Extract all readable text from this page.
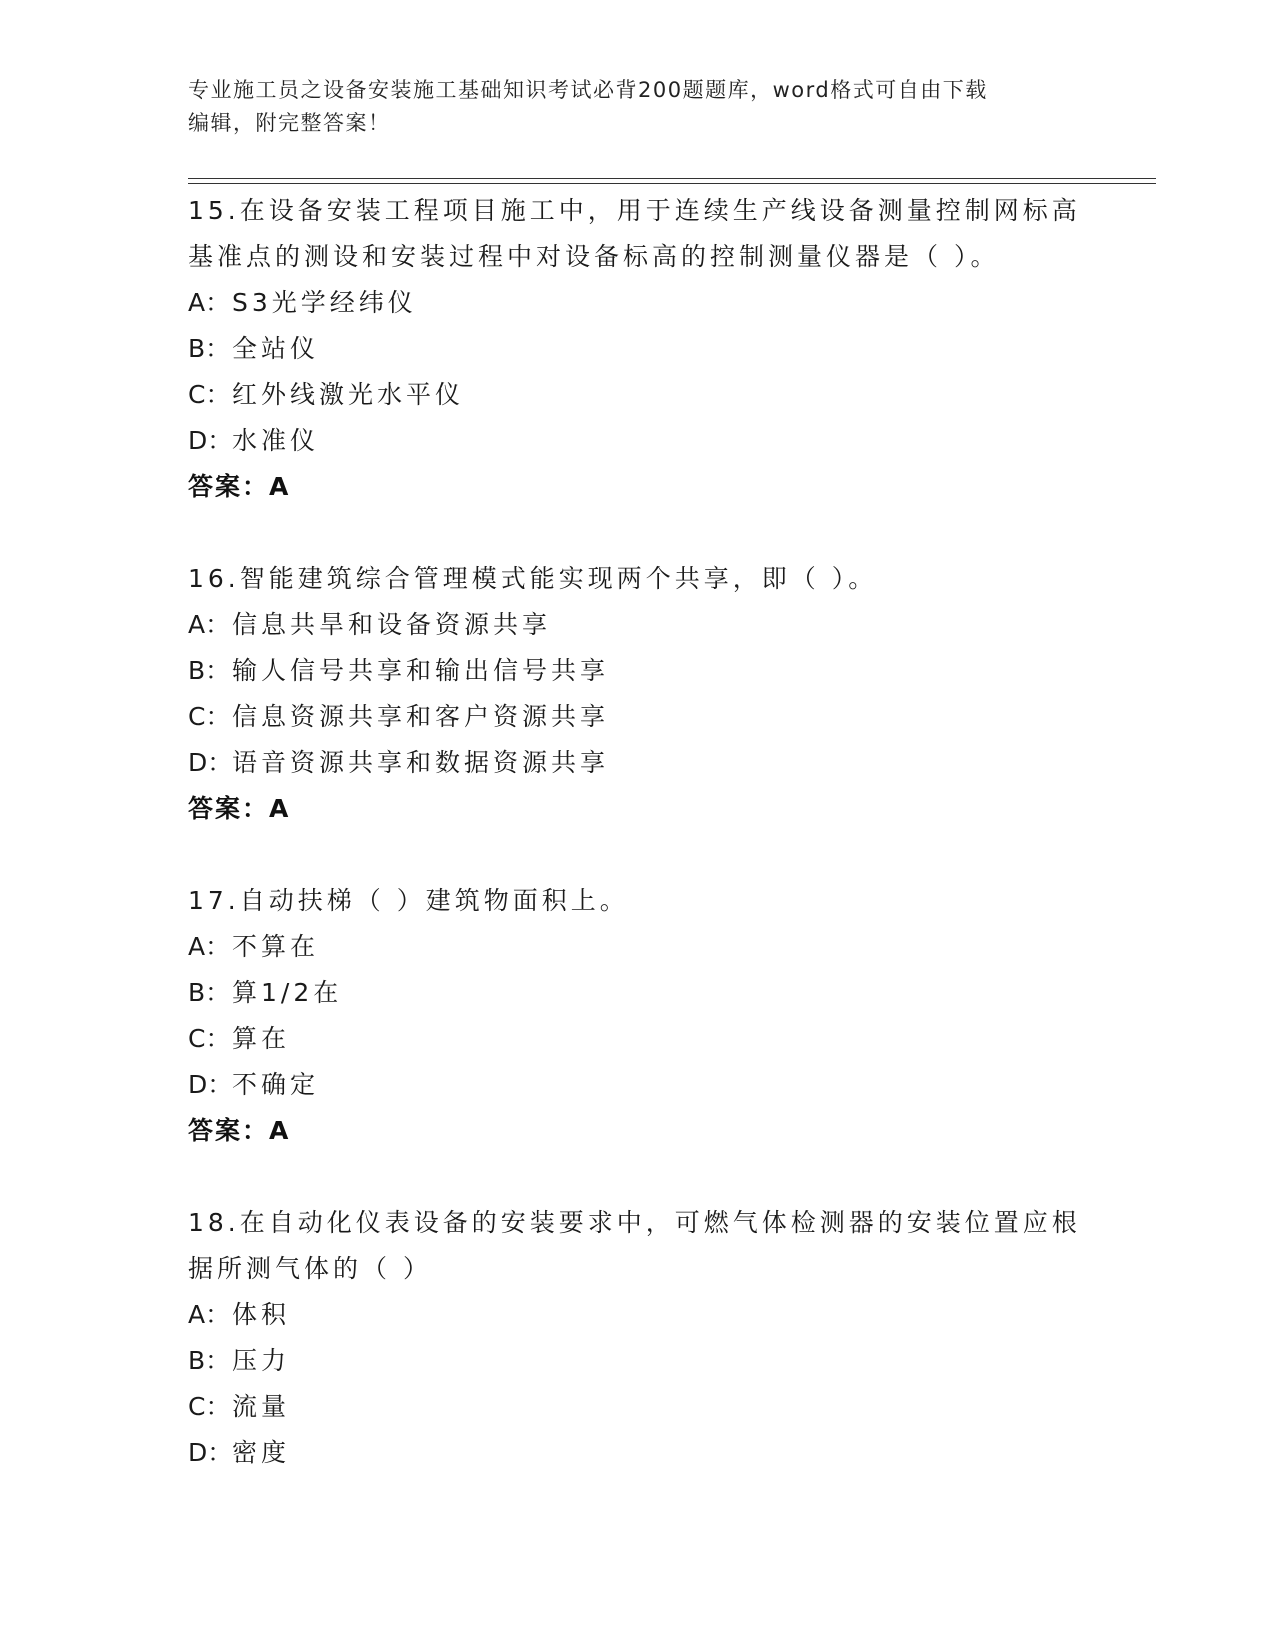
专业施工员之设备安装施工基础知识考试必背200题题库，word格式可自由下载
编辑，附完整答案！
15.在设备安装工程项目施工中，用于连续生产线设备测量控制网标高
基准点的测设和安装过程中对设备标高的控制测量仪器是（ ）。
A：S3光学经纬仪
B：全站仪
C：红外线激光水平仪
D：水准仪
答案：A
16.智能建筑综合管理模式能实现两个共享，即（ ）。
A：信息共旱和设备资源共享
B：输人信号共享和输出信号共享
C：信息资源共享和客户资源共享
D：语音资源共享和数据资源共享
答案：A
17.自动扶梯（ ）建筑物面积上。
A：不算在
B：算1/2在
C：算在
D：不确定
答案：A
18.在自动化仪表设备的安装要求中，可燃气体检测器的安装位置应根
据所测气体的（ ）
A：体积
B：压力
C：流量
D：密度
